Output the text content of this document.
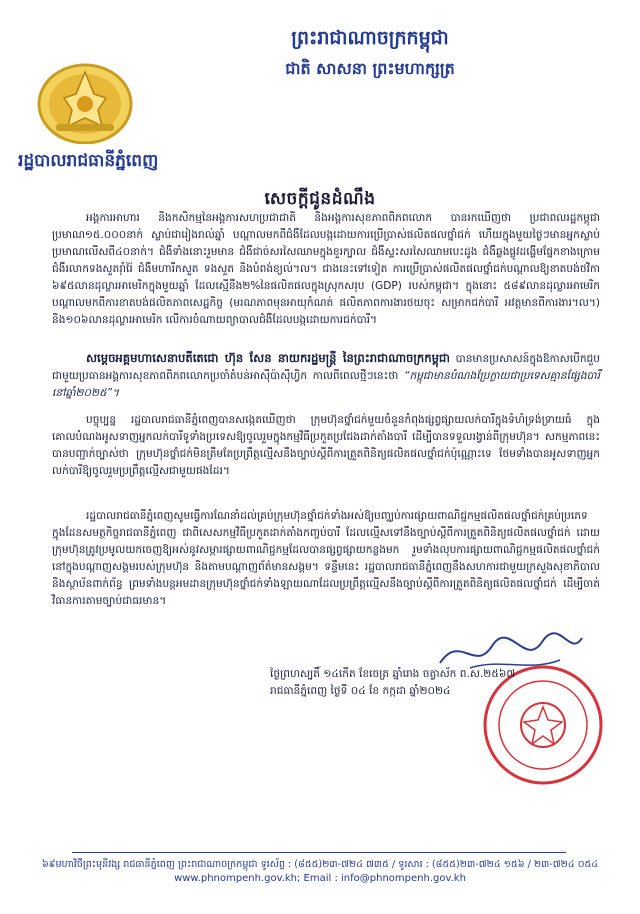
ព្រះរាជាណាចក្រកម្ពុជា
ជាតិ សាសនា ព្រះមហាក្សត្រ
រដ្ឋបាលរាជធានីភ្នំពេញ
សេចក្តីជូនដំណឹង

អង្គការអាហារ និងកសិកម្មនៃអង្គការសហប្រជាជាតិ និងអង្គការសុខភាពពិភពលោក បានរកឃើញថា ប្រជាពលរដ្ឋកម្ពុជាប្រមាណ១៥.០០០នាក់ ស្លាប់ជារៀងរាល់ឆ្នាំ បណ្តាលមកពីជំងឺដែលបង្កដោយការប្រើប្រាស់ផលិតផលថ្នាំជក់ ហើយក្នុងមួយថ្ងៃៗមានអ្នកស្លាប់ប្រមាណលើសពី៤០នាក់។ ជំងឺទាំងនោះរួមមាន ជំងឺជាច់សរសៃឈាមក្នុងខួរក្បាល ជំងឺស្ទះសរសៃឈាមបេះដូង ជំងឺឆ្លងផ្លូវដង្ហើមផ្នែកខាងក្រោម ជំងឺរលាកទងសួតរ៉ាំរ៉ៃ ជំងឺមហារីកសួត ទងសួត និងបំពង់ខ្យល់។ល។ ជាងនេះទៅទៀត ការប្រើប្រាស់ផលិតផលថ្នាំជក់បណ្តាលឱ្យខាតបង់ថវិកា ៦៩៥លានដុល្លារអាមេរិកក្នុងមួយឆ្នាំ ដែលស្មើនឹង២%នៃផលិតផលក្នុងស្រុកសរុប (GDP) របស់កម្ពុជា។ ក្នុងនោះ ៥៨៩លានដុល្លារអាមេរិក បណ្តាលមកពីការខាតបង់ផលិតភាពសេដ្ឋកិច្ច (មរណភាពមុនអាយុកំណត់ ផលិតភាពការងារថយចុះ សម្រាកជក់បារី អវត្តមានពីការងារ។ល។) និង១០៦លានដុល្លារអាមេរិក លើការចំណាយព្យាបាលជំងឺដែលបង្កដោយការជក់បារី។

សម្តេចអគ្គមហាសេនាបតីតេជោ ហ៊ុន សែន នាយករដ្ឋមន្ត្រី នៃព្រះរាជាណាចក្រកម្ពុជា បានមានប្រសាសន៍ក្នុងឱកាសបើកជួបជាមួយប្រធានអង្គការសុខភាពពិភពលោកប្រចាំតំបន់អាស៊ីប៉ាស៊ីហ្វិក កាលពីពេលថ្មីៗនេះថា “កម្ពុជាមានបំណងប្រែក្លាយជាប្រទេសគ្មានផ្សែងបារីនៅឆ្នាំ២០២៥”។

បច្ចុប្បន្ន រដ្ឋបាលរាជធានីភ្នំពេញបានសង្កេតឃើញថា ក្រុមហ៊ុនថ្នាំជក់មួយចំនួនកំពុងផ្សព្វផ្សាយលក់បារីក្នុងទំហំទ្រង់ទ្រាយធំ ក្នុងគោលបំណងអូសទាញអ្នកលក់បារីទូទាំងប្រទេសឱ្យចូលរួមក្នុងកម្មវិធីប្រកួតប្រជែងដាក់តាំងបារី ដើម្បីបានទទួលរង្វាន់ពីក្រុមហ៊ុន។ សកម្មភាពនេះបានបញ្ជាក់ច្បាស់ថា ក្រុមហ៊ុនថ្នាំជក់មិនត្រឹមតែប្រព្រឹត្តល្មើសនឹងច្បាប់ស្តីពីការត្រួតពិនិត្យផលិតផលថ្នាំជក់ប៉ុណ្ណោះទេ ថែមទាំងបានអូសទាញអ្នកលក់បារីឱ្យចូលរួមប្រព្រឹត្តល្មើសជាមួយផងដែរ។

រដ្ឋបាលរាជធានីភ្នំពេញសូមធ្វើការណែនាំដល់គ្រប់ក្រុមហ៊ុនថ្នាំជក់ទាំងអស់ឱ្យបញ្ឈប់ការផ្សាយពាណិជ្ជកម្មផលិតផលថ្នាំជក់គ្រប់ប្រភេទក្នុងដែនសមត្ថកិច្ចរាជធានីភ្នំពេញ ជាពិសេសកម្មវិធីប្រកួតដាក់តាំងកញ្ចប់បារី ដែលល្មើសទៅនឹងច្បាប់ស្តីពីការត្រួតពិនិត្យផលិតផលថ្នាំជក់ ដោយក្រុមហ៊ុនត្រូវប្រមូលយកចេញឱ្យអស់នូវសម្ភារផ្សាយពាណិជ្ជកម្មដែលបានផ្សព្វផ្សាយកន្លងមក រួមទាំងលុបការផ្សាយពាណិជ្ជកម្មផលិតផលថ្នាំជក់នៅក្នុងបណ្តាញសង្គមរបស់ក្រុមហ៊ុន និងតាមបណ្តាញព័ត៌មានសង្គម។ ទន្ទឹមនេះ រដ្ឋបាលរាជធានីភ្នំពេញនឹងសហការជាមួយក្រសួងសុខាភិបាល និងស្ថាប័នពាក់ព័ន្ធ ព្រមទាំងបន្តអមដានក្រុមហ៊ុនថ្នាំជក់ទាំងឡាយណាដែលប្រព្រឹត្តល្មើសនឹងច្បាប់ស្តីពីការត្រួតពិនិត្យផលិតផលថ្នាំជក់ ដើម្បីចាត់វិធានការតាមច្បាប់ជាធរមាន។

ថ្ងៃព្រហស្បតិ៍ ១៤កើត ខែចេត្រ ឆ្នាំរោង ចត្វាស័ក ព.ស.២៥៦៧
រាជធានីភ្នំពេញ ថ្ងៃទី ០៤ ខែ កក្កដា ឆ្នាំ២០២៤
៦៩មហាវិថីព្រះមុនីវង្ស រាជធានីភ្នំពេញ ព្រះរាជាណាចក្រកម្ពុជា ទូរស័ព្ទ : (៨៥៥)២៣-៧២៤ ៧៣៥ / ទូរសារ : (៨៥៥)២៣-៧២៤ ១៥៦ / ២៣-៧២៤ ០៥៤
www.phnompenh.gov.kh; Email : info@phnompenh.gov.kh
